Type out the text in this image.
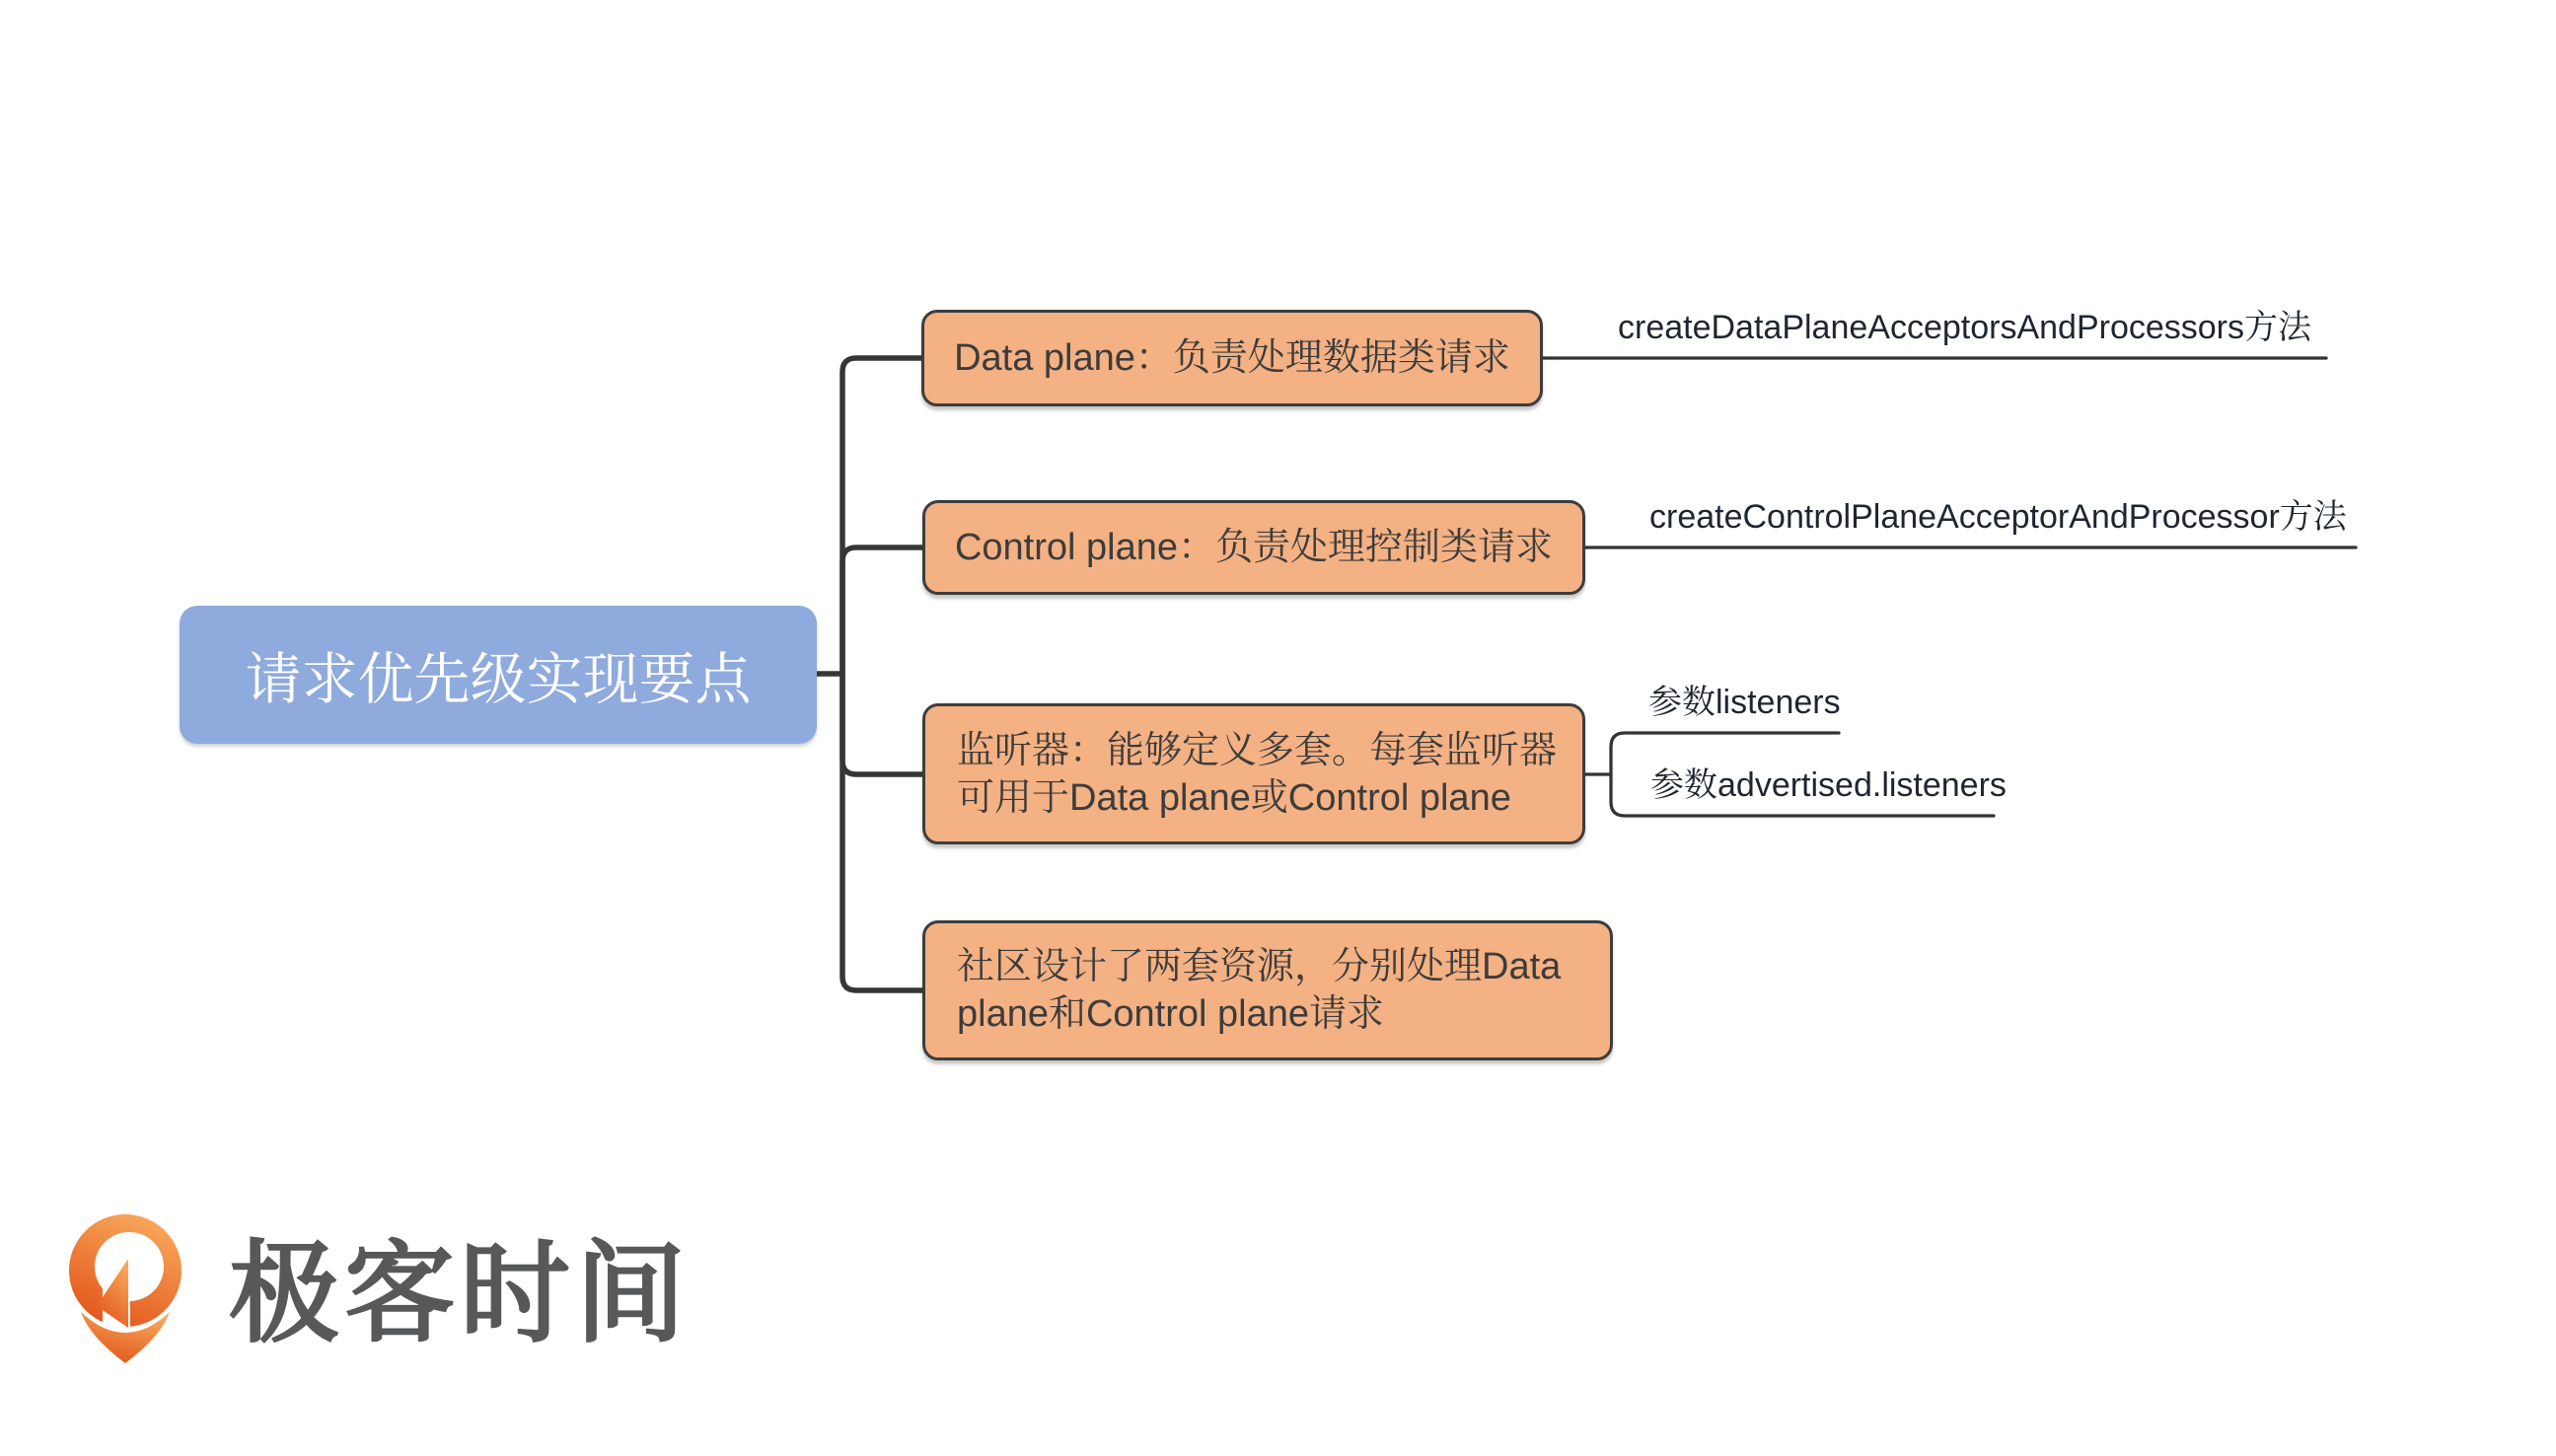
请求优先级实现要点
Data plane：负责处理数据类请求
Control plane：负责处理控制类请求
监听器：能够定义多套。每套监听器
可用于Data plane或Control plane
社区设计了两套资源，分别处理Data
plane和Control plane请求
createDataPlaneAcceptorsAndProcessors方法
createControlPlaneAcceptorAndProcessor方法
参数listeners
参数advertised.listeners
极客时间
